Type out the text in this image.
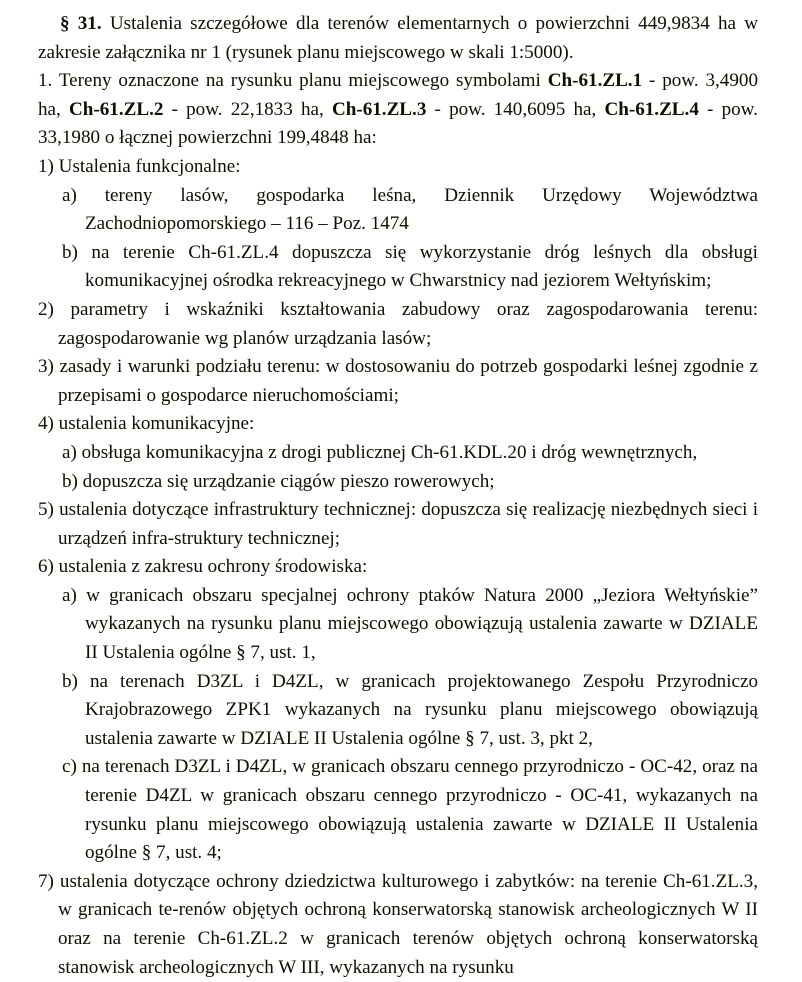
§ 31. Ustalenia szczegółowe dla terenów elementarnych o powierzchni 449,9834 ha w zakresie załącznika nr 1 (rysunek planu miejscowego w skali 1:5000).

1. Tereny oznaczone na rysunku planu miejscowego symbolami Ch-61.ZL.1 - pow. 3,4900 ha, Ch-61.ZL.2 - pow. 22,1833 ha, Ch-61.ZL.3 - pow. 140,6095 ha, Ch-61.ZL.4 - pow. 33,1980 o łącznej powierzchni 199,4848 ha:

1) Ustalenia funkcjonalne:

a) tereny lasów, gospodarka leśna, Dziennik Urzędowy Województwa Zachodniopomorskiego – 116 – Poz. 1474

b) na terenie Ch-61.ZL.4 dopuszcza się wykorzystanie dróg leśnych dla obsługi komunikacyjnej ośrodka rekreacyjnego w Chwarstnicy nad jeziorem Wełtyńskim;

2) parametry i wskaźniki kształtowania zabudowy oraz zagospodarowania terenu: zagospodarowanie wg planów urządzania lasów;

3) zasady i warunki podziału terenu: w dostosowaniu do potrzeb gospodarki leśnej zgodnie z przepisami o gospodarce nieruchomościami;

4) ustalenia komunikacyjne:

a) obsługa komunikacyjna z drogi publicznej Ch-61.KDL.20 i dróg wewnętrznych,

b) dopuszcza się urządzanie ciągów pieszo rowerowych;

5) ustalenia dotyczące infrastruktury technicznej: dopuszcza się realizację niezbędnych sieci i urządzeń infra-struktury technicznej;

6) ustalenia z zakresu ochrony środowiska:

a) w granicach obszaru specjalnej ochrony ptaków Natura 2000 „Jeziora Wełtyńskie” wykazanych na rysunku planu miejscowego obowiązują ustalenia zawarte w DZIALE II Ustalenia ogólne § 7, ust. 1,

b) na terenach D3ZL i D4ZL, w granicach projektowanego Zespołu Przyrodniczo Krajobrazowego ZPK1 wykazanych na rysunku planu miejscowego obowiązują ustalenia zawarte w DZIALE II Ustalenia ogólne § 7, ust. 3, pkt 2,

c) na terenach D3ZL i D4ZL, w granicach obszaru cennego przyrodniczo - OC-42, oraz na terenie D4ZL w granicach obszaru cennego przyrodniczo - OC-41, wykazanych na rysunku planu miejscowego obowiązują ustalenia zawarte w DZIALE II Ustalenia ogólne § 7, ust. 4;

7) ustalenia dotyczące ochrony dziedzictwa kulturowego i zabytków: na terenie Ch-61.ZL.3, w granicach te-renów objętych ochroną konserwatorską stanowisk archeologicznych W II oraz na terenie Ch-61.ZL.2 w granicach terenów objętych ochroną konserwatorską stanowisk archeologicznych W III, wykazanych na rysunku
